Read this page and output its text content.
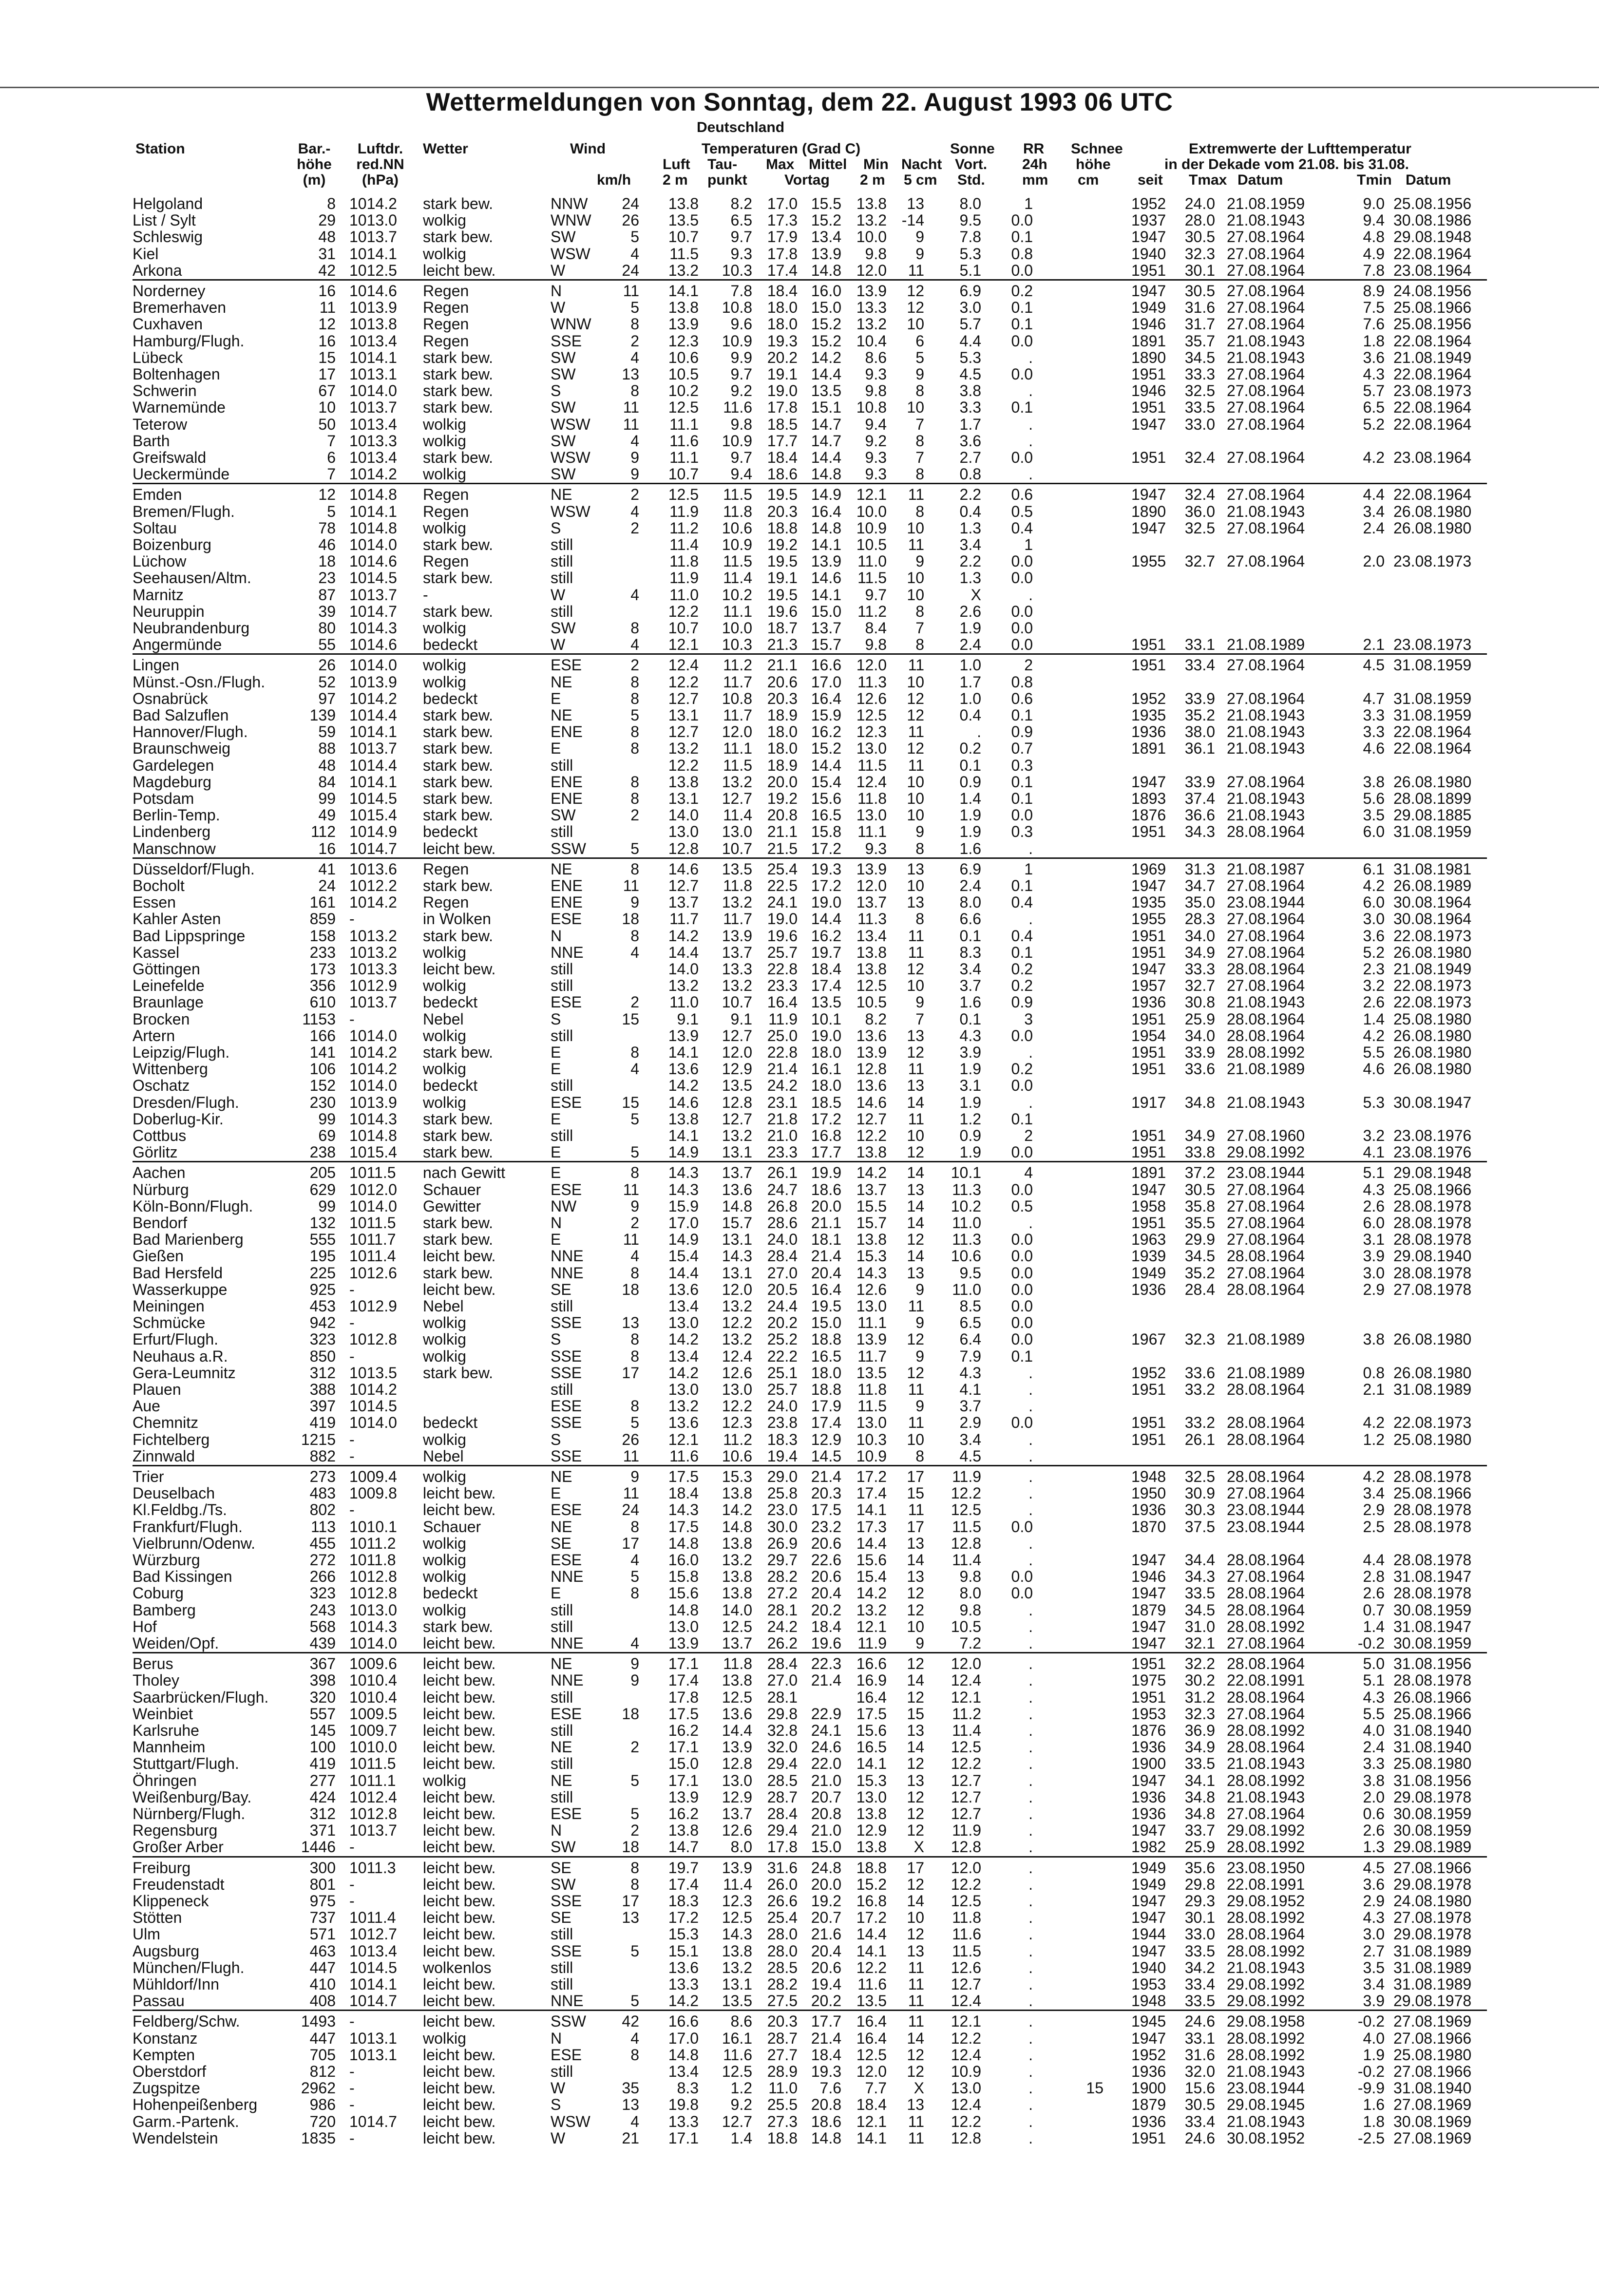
Wettermeldungen von Sonntag, dem 22. August 1993 06 UTC
Deutschland
Station	Bar.-
höhe
(m)
Luftdr.
red.NN
(hPa)
Wetter	Wind
km/h
Temperaturen (Grad C)
Luft
2 m
Tau-
punkt
Max Mittel
Vortag
Min
2 m
Nacht
5 cm
Sonne
Vort.
Std.
RR
24h
mm
Schnee
höhe
cm
Extremwerte der Lufttemperatur
in der Dekade vom 21.08. bis 31.08.
seit Tmax Datum	Tmin Datum
Helgoland	8 1014.2 stark bew.	NNW 24 13.8 8.2 17.0 15.5 13.8 13 8.0	1	1952 24.0 21.08.1959	9.0 25.08.1956
List / Sylt	29 1013.0 wolkig	WNW 26 13.5 6.5 17.3 15.2 13.2 -14 9.5 0.0	1937 28.0 21.08.1943	9.4 30.08.1986
Schleswig	48 1013.7 stark bew.	SW	5 10.7 9.7 17.9 13.4 10.0 9 7.8 0.1	1947 30.5 27.08.1964	4.8 29.08.1948
Kiel	31 1014.1 wolkig	WSW	4 11.5 9.3 17.8 13.9 9.8 9 5.3 0.8	1940 32.3 27.08.1964	4.9 22.08.1964
Arkona	42 1012.5 leicht bew.	W	24 13.2 10.3 17.4 14.8 12.0 11 5.1 0.0	1951 30.1 27.08.1964	7.8 23.08.1964
Norderney	16 1014.6 Regen	N	11 14.1 7.8 18.4 16.0 13.9 12 6.9 0.2	1947 30.5 27.08.1964	8.9 24.08.1956
Bremerhaven	11 1013.9 Regen	W	5 13.8 10.8 18.0 15.0 13.3 12 3.0 0.1	1949 31.6 27.08.1964	7.5 25.08.1966
Cuxhaven	12 1013.8 Regen	WNW	8 13.9 9.6 18.0 15.2 13.2 10 5.7 0.1	1946 31.7 27.08.1964	7.6 25.08.1956
Hamburg/Flugh.	16 1013.4 Regen	SSE	2 12.3 10.9 19.3 15.2 10.4 6 4.4 0.0	1891 35.7 21.08.1943	1.8 22.08.1964
Lübeck	15 1014.1 stark bew.	SW	4 10.6 9.9 20.2 14.2 8.6 5 5.3	.	1890 34.5 21.08.1943	3.6 21.08.1949
Boltenhagen	17 1013.1 stark bew.	SW	13 10.5 9.7 19.1 14.4 9.3 9 4.5 0.0	1951 33.3 27.08.1964	4.3 22.08.1964
Schwerin	67 1014.0 stark bew.	S	8 10.2 9.2 19.0 13.5 9.8 8 3.8	.	1946 32.5 27.08.1964	5.7 23.08.1973
Warnemünde	10 1013.7 stark bew.	SW	11 12.5 11.6 17.8 15.1 10.8 10 3.3 0.1	1951 33.5 27.08.1964	6.5 22.08.1964
Teterow	50 1013.4 wolkig	WSW 11 11.1 9.8 18.5 14.7 9.4 7 1.7	.	1947 33.0 27.08.1964	5.2 22.08.1964
Barth	7 1013.3 wolkig	SW	4 11.6 10.9 17.7 14.7 9.2 8 3.6	.
Greifswald	6 1013.4 stark bew.	WSW	9 11.1 9.7 18.4 14.4 9.3 7 2.7 0.0	1951 32.4 27.08.1964	4.2 23.08.1964
Ueckermünde	7 1014.2 wolkig	SW	9 10.7 9.4 18.6 14.8 9.3 8 0.8	.
Emden	12 1014.8 Regen	NE	2 12.5 11.5 19.5 14.9 12.1 11 2.2 0.6	1947 32.4 27.08.1964	4.4 22.08.1964
Bremen/Flugh.	5 1014.1 Regen	WSW	4 11.9 11.8 20.3 16.4 10.0 8 0.4 0.5	1890 36.0 21.08.1943	3.4 26.08.1980
Soltau	78 1014.8 wolkig	S	2 11.2 10.6 18.8 14.8 10.9 10 1.3 0.4	1947 32.5 27.08.1964	2.4 26.08.1980
Boizenburg	46 1014.0 stark bew.	still	11.4 10.9 19.2 14.1 10.5 11 3.4	1
Lüchow	18 1014.6 Regen	still	11.8 11.5 19.5 13.9 11.0 9 2.2 0.0	1955 32.7 27.08.1964	2.0 23.08.1973
Seehausen/Altm.	23 1014.5 stark bew.	still	11.9 11.4 19.1 14.6 11.5 10 1.3 0.0
Marnitz	87 1013.7 -	W	4 11.0 10.2 19.5 14.1 9.7 10	X	.
Neuruppin	39 1014.7 stark bew.	still	12.2 11.1 19.6 15.0 11.2 8 2.6 0.0
Neubrandenburg	80 1014.3 wolkig	SW	8 10.7 10.0 18.7 13.7 8.4 7 1.9 0.0
Angermünde	55 1014.6 bedeckt	W	4 12.1 10.3 21.3 15.7 9.8 8 2.4 0.0	1951 33.1 21.08.1989	2.1 23.08.1973
Lingen	26 1014.0 wolkig	ESE	2 12.4 11.2 21.1 16.6 12.0 11 1.0	2	1951 33.4 27.08.1964	4.5 31.08.1959
Münst.-Osn./Flugh.	52 1013.9 wolkig	NE	8 12.2 11.7 20.6 17.0 11.3 10 1.7 0.8
Osnabrück	97 1014.2 bedeckt	E	8 12.7 10.8 20.3 16.4 12.6 12 1.0 0.6	1952 33.9 27.08.1964	4.7 31.08.1959
Bad Salzuflen	139 1014.4 stark bew.	NE	5 13.1 11.7 18.9 15.9 12.5 12 0.4 0.1	1935 35.2 21.08.1943	3.3 31.08.1959
Hannover/Flugh.	59 1014.1 stark bew.	ENE	8 12.7 12.0 18.0 16.2 12.3 11	. 0.9	1936 38.0 21.08.1943	3.3 22.08.1964
Braunschweig	88 1013.7 stark bew.	E	8 13.2 11.1 18.0 15.2 13.0 12 0.2 0.7	1891 36.1 21.08.1943	4.6 22.08.1964
Gardelegen	48 1014.4 stark bew.	still	12.2 11.5 18.9 14.4 11.5 11 0.1 0.3
Magdeburg	84 1014.1 stark bew.	ENE	8 13.8 13.2 20.0 15.4 12.4 10 0.9 0.1	1947 33.9 27.08.1964	3.8 26.08.1980
Potsdam	99 1014.5 stark bew.	ENE	8 13.1 12.7 19.2 15.6 11.8 10 1.4 0.1	1893 37.4 21.08.1943	5.6 28.08.1899
Berlin-Temp.	49 1015.4 stark bew.	SW	2 14.0 11.4 20.8 16.5 13.0 10 1.9 0.0	1876 36.6 21.08.1943	3.5 29.08.1885
Lindenberg	112 1014.9 bedeckt	still	13.0 13.0 21.1 15.8 11.1 9 1.9 0.3	1951 34.3 28.08.1964	6.0 31.08.1959
Manschnow	16 1014.7 leicht bew.	SSW	5 12.8 10.7 21.5 17.2 9.3 8 1.6	.
Düsseldorf/Flugh.	41 1013.6 Regen	NE	8 14.6 13.5 25.4 19.3 13.9 13 6.9	1	1969 31.3 21.08.1987	6.1 31.08.1981
Bocholt	24 1012.2 stark bew.	ENE	11 12.7 11.8 22.5 17.2 12.0 10 2.4 0.1	1947 34.7 27.08.1964	4.2 26.08.1989
Essen	161 1014.2 Regen	ENE	9 13.7 13.2 24.1 19.0 13.7 13 8.0 0.4	1935 35.0 23.08.1944	6.0 30.08.1964
Kahler Asten	859 -	in Wolken	ESE	18 11.7 11.7 19.0 14.4 11.3 8 6.6	.	1955 28.3 27.08.1964	3.0 30.08.1964
Bad Lippspringe	158 1013.2 stark bew.	N	8 14.2 13.9 19.6 16.2 13.4 11 0.1 0.4	1951 34.0 27.08.1964	3.6 22.08.1973
Kassel	233 1013.2 wolkig	NNE	4 14.4 13.7 25.7 19.7 13.8 11 8.3 0.1	1951 34.9 27.08.1964	5.2 26.08.1980
Göttingen	173 1013.3 leicht bew.	still	14.0 13.3 22.8 18.4 13.8 12 3.4 0.2	1947 33.3 28.08.1964	2.3 21.08.1949
Leinefelde	356 1012.9 wolkig	still	13.2 13.2 23.3 17.4 12.5 10 3.7 0.2	1957 32.7 27.08.1964	3.2 22.08.1973
Braunlage	610 1013.7 bedeckt	ESE	2 11.0 10.7 16.4 13.5 10.5 9 1.6 0.9	1936 30.8 21.08.1943	2.6 22.08.1973
Brocken	1153 -	Nebel	S	15 9.1 9.1 11.9 10.1 8.2 7 0.1	3	1951 25.9 28.08.1964	1.4 25.08.1980
Artern	166 1014.0 wolkig	still	13.9 12.7 25.0 19.0 13.6 13 4.3 0.0	1954 34.0 28.08.1964	4.2 26.08.1980
Leipzig/Flugh.	141 1014.2 stark bew.	E	8 14.1 12.0 22.8 18.0 13.9 12 3.9	.	1951 33.9 28.08.1992	5.5 26.08.1980
Wittenberg	106 1014.2 wolkig	E	4 13.6 12.9 21.4 16.1 12.8 11 1.9 0.2	1951 33.6 21.08.1989	4.6 26.08.1980
Oschatz	152 1014.0 bedeckt	still	14.2 13.5 24.2 18.0 13.6 13 3.1 0.0
Dresden/Flugh.	230 1013.9 wolkig	ESE	15 14.6 12.8 23.1 18.5 14.6 14 1.9	.	1917 34.8 21.08.1943	5.3 30.08.1947
Doberlug-Kir.	99 1014.3 stark bew.	E	5 13.8 12.7 21.8 17.2 12.7 11 1.2 0.1
Cottbus	69 1014.8 stark bew.	still	14.1 13.2 21.0 16.8 12.2 10 0.9	2	1951 34.9 27.08.1960	3.2 23.08.1976
Görlitz	238 1015.4 stark bew.	E	5 14.9 13.1 23.3 17.7 13.8 12 1.9 0.0	1951 33.8 29.08.1992	4.1 23.08.1976
Aachen	205 1011.5 nach Gewitt	E	8 14.3 13.7 26.1 19.9 14.2 14 10.1	4	1891 37.2 23.08.1944	5.1 29.08.1948
Nürburg	629 1012.0 Schauer	ESE	11 14.3 13.6 24.7 18.6 13.7 13 11.3 0.0	1947 30.5 27.08.1964	4.3 25.08.1966
Köln-Bonn/Flugh.	99 1014.0 Gewitter	NW	9 15.9 14.8 26.8 20.0 15.5 14 10.2 0.5	1958 35.8 27.08.1964	2.6 28.08.1978
Bendorf	132 1011.5 stark bew.	N	2 17.0 15.7 28.6 21.1 15.7 14 11.0	.	1951 35.5 27.08.1964	6.0 28.08.1978
Bad Marienberg	555 1011.7 stark bew.	E	11 14.9 13.1 24.0 18.1 13.8 12 11.3 0.0	1963 29.9 27.08.1964	3.1 28.08.1978
Gießen	195 1011.4 leicht bew.	NNE	4 15.4 14.3 28.4 21.4 15.3 14 10.6 0.0	1939 34.5 28.08.1964	3.9 29.08.1940
Bad Hersfeld	225 1012.6 stark bew.	NNE	8 14.4 13.1 27.0 20.4 14.3 13 9.5 0.0	1949 35.2 27.08.1964	3.0 28.08.1978
Wasserkuppe	925 -	leicht bew.	SE	18 13.6 12.0 20.5 16.4 12.6 9 11.0 0.0	1936 28.4 28.08.1964	2.9 27.08.1978
Meiningen	453 1012.9 Nebel	still	13.4 13.2 24.4 19.5 13.0 11 8.5 0.0
Schmücke	942 -	wolkig	SSE	13 13.0 12.2 20.2 15.0 11.1 9 6.5 0.0
Erfurt/Flugh.	323 1012.8 wolkig	S	8 14.2 13.2 25.2 18.8 13.9 12 6.4 0.0	1967 32.3 21.08.1989	3.8 26.08.1980
Neuhaus a.R.	850 -	wolkig	SSE	8 13.4 12.4 22.2 16.5 11.7 9 7.9 0.1
Gera-Leumnitz	312 1013.5 stark bew.	SSE	17 14.2 12.6 25.1 18.0 13.5 12 4.3	.	1952 33.6 21.08.1989	0.8 26.08.1980
Plauen	388 1014.2	still	13.0 13.0 25.7 18.8 11.8 11 4.1	.	1951 33.2 28.08.1964	2.1 31.08.1989
Aue	397 1014.5	ESE	8 13.2 12.2 24.0 17.9 11.5 9 3.7	.
Chemnitz	419 1014.0 bedeckt	SSE	5 13.6 12.3 23.8 17.4 13.0 11 2.9 0.0	1951 33.2 28.08.1964	4.2 22.08.1973
Fichtelberg	1215 -	wolkig	S	26 12.1 11.2 18.3 12.9 10.3 10 3.4	.	1951 26.1 28.08.1964	1.2 25.08.1980
Zinnwald	882 -	Nebel	SSE	11 11.6 10.6 19.4 14.5 10.9 8 4.5	.
Trier	273 1009.4 wolkig	NE	9 17.5 15.3 29.0 21.4 17.2 17 11.9	.	1948 32.5 28.08.1964	4.2 28.08.1978
Deuselbach	483 1009.8 leicht bew.	E	11 18.4 13.8 25.8 20.3 17.4 15 12.2	.	1950 30.9 27.08.1964	3.4 25.08.1966
Kl.Feldbg./Ts.	802 -	leicht bew.	ESE	24 14.3 14.2 23.0 17.5 14.1 11 12.5	.	1936 30.3 23.08.1944	2.9 28.08.1978
Frankfurt/Flugh.	113 1010.1 Schauer	NE	8 17.5 14.8 30.0 23.2 17.3 17 11.5 0.0	1870 37.5 23.08.1944	2.5 28.08.1978
Vielbrunn/Odenw.	455 1011.2 wolkig	SE	17 14.8 13.8 26.9 20.6 14.4 13 12.8	.
Würzburg	272 1011.8 wolkig	ESE	4 16.0 13.2 29.7 22.6 15.6 14 11.4	.	1947 34.4 28.08.1964	4.4 28.08.1978
Bad Kissingen	266 1012.8 wolkig	NNE	5 15.8 13.8 28.2 20.6 15.4 13 9.8 0.0	1946 34.3 27.08.1964	2.8 31.08.1947
Coburg	323 1012.8 bedeckt	E	8 15.6 13.8 27.2 20.4 14.2 12 8.0 0.0	1947 33.5 28.08.1964	2.6 28.08.1978
Bamberg	243 1013.0 wolkig	still	14.8 14.0 28.1 20.2 13.2 12 9.8	.	1879 34.5 28.08.1964	0.7 30.08.1959
Hof	568 1014.3 stark bew.	still	13.0 12.5 24.2 18.4 12.1 10 10.5	.	1947 31.0 28.08.1992	1.4 31.08.1947
Weiden/Opf.	439 1014.0 leicht bew.	NNE	4 13.9 13.7 26.2 19.6 11.9 9 7.2	.	1947 32.1 27.08.1964	-0.2 30.08.1959
Berus	367 1009.6 leicht bew.	NE	9 17.1 11.8 28.4 22.3 16.6 12 12.0	.	1951 32.2 28.08.1964	5.0 31.08.1956
Tholey	398 1010.4 leicht bew.	NNE	9 17.4 13.8 27.0 21.4 16.9 14 12.4	.	1975 30.2 22.08.1991	5.1 28.08.1978
Saarbrücken/Flugh.	320 1010.4 leicht bew.	still	17.8 12.5 28.1	16.4 12 12.1	.	1951 31.2 28.08.1964	4.3 26.08.1966
Weinbiet	557 1009.5 leicht bew.	ESE	18 17.5 13.6 29.8 22.9 17.5 15 11.2	.	1953 32.3 27.08.1964	5.5 25.08.1966
Karlsruhe	145 1009.7 leicht bew.	still	16.2 14.4 32.8 24.1 15.6 13 11.4	.	1876 36.9 28.08.1992	4.0 31.08.1940
Mannheim	100 1010.0 leicht bew.	NE	2 17.1 13.9 32.0 24.6 16.5 14 12.5	.	1936 34.9 28.08.1964	2.4 31.08.1940
Stuttgart/Flugh.	419 1011.5 leicht bew.	still	15.0 12.8 29.4 22.0 14.1 12 12.2	.	1900 33.5 21.08.1943	3.3 25.08.1980
Öhringen	277 1011.1 wolkig	NE	5 17.1 13.0 28.5 21.0 15.3 13 12.7	.	1947 34.1 28.08.1992	3.8 31.08.1956
Weißenburg/Bay.	424 1012.4 leicht bew.	still	13.9 12.9 28.7 20.7 13.0 12 12.7	.	1936 34.8 21.08.1943	2.0 29.08.1978
Nürnberg/Flugh.	312 1012.8 leicht bew.	ESE	5 16.2 13.7 28.4 20.8 13.8 12 12.7	.	1936 34.8 27.08.1964	0.6 30.08.1959
Regensburg	371 1013.7 leicht bew.	N	2 13.8 12.6 29.4 21.0 12.9 12 11.9	.	1947 33.7 29.08.1992	2.6 30.08.1959
Großer Arber	1446 -	leicht bew.	SW	18 14.7 8.0 17.8 15.0 13.8 X 12.8	.	1982 25.9 28.08.1992	1.3 29.08.1989
Freiburg	300 1011.3 leicht bew.	SE	8 19.7 13.9 31.6 24.8 18.8 17 12.0	.	1949 35.6 23.08.1950	4.5 27.08.1966
Freudenstadt	801 -	leicht bew.	SW	8 17.4 11.4 26.0 20.0 15.2 12 12.2	.	1949 29.8 22.08.1991	3.6 29.08.1978
Klippeneck	975 -	leicht bew.	SSE	17 18.3 12.3 26.6 19.2 16.8 14 12.5	.	1947 29.3 29.08.1952	2.9 24.08.1980
Stötten	737 1011.4 leicht bew.	SE	13 17.2 12.5 25.4 20.7 17.2 10 11.8	.	1947 30.1 28.08.1992	4.3 27.08.1978
Ulm	571 1012.7 leicht bew.	still	15.3 14.3 28.0 21.6 14.4 12 11.6	.	1944 33.0 28.08.1964	3.0 29.08.1978
Augsburg	463 1013.4 leicht bew.	SSE	5 15.1 13.8 28.0 20.4 14.1 13 11.5	.	1947 33.5 28.08.1992	2.7 31.08.1989
München/Flugh.	447 1014.5 wolkenlos	still	13.6 13.2 28.5 20.6 12.2 11 12.6	.	1940 34.2 21.08.1943	3.5 31.08.1989
Mühldorf/Inn	410 1014.1 leicht bew.	still	13.3 13.1 28.2 19.4 11.6 11 12.7	.	1953 33.4 29.08.1992	3.4 31.08.1989
Passau	408 1014.7 leicht bew.	NNE	5 14.2 13.5 27.5 20.2 13.5 11 12.4	.	1948 33.5 29.08.1992	3.9 29.08.1978
Feldberg/Schw.	1493 -	leicht bew.	SSW 42 16.6 8.6 20.3 17.7 16.4 11 12.1	.	1945 24.6 29.08.1958	-0.2 27.08.1969
Konstanz	447 1013.1 wolkig	N	4 17.0 16.1 28.7 21.4 16.4 14 12.2	.	1947 33.1 28.08.1992	4.0 27.08.1966
Kempten	705 1013.1 leicht bew.	ESE	8 14.8 11.6 27.7 18.4 12.5 12 12.4	.	1952 31.6 28.08.1992	1.9 25.08.1980
Oberstdorf	812 -	leicht bew.	still	13.4 12.5 28.9 19.3 12.0 12 10.9	.	1936 32.0 21.08.1943	-0.2 27.08.1966
Zugspitze	2962 -	leicht bew.	W	35 8.3 1.2 11.0 7.6 7.7 X 13.0	.	15 1900 15.6 23.08.1944	-9.9 31.08.1940
Hohenpeißenberg	986 -	leicht bew.	S	13 19.8 9.2 25.5 20.8 18.4 13 12.4	.	1879 30.5 29.08.1945	1.6 27.08.1969
Garm.-Partenk.	720 1014.7 leicht bew.	WSW	4 13.3 12.7 27.3 18.6 12.1 11 12.2	.	1936 33.4 21.08.1943	1.8 30.08.1969
Wendelstein	1835 -	leicht bew.	W	21 17.1 1.4 18.8 14.8 14.1 11 12.8	.	1951 24.6 30.08.1952	-2.5 27.08.1969
